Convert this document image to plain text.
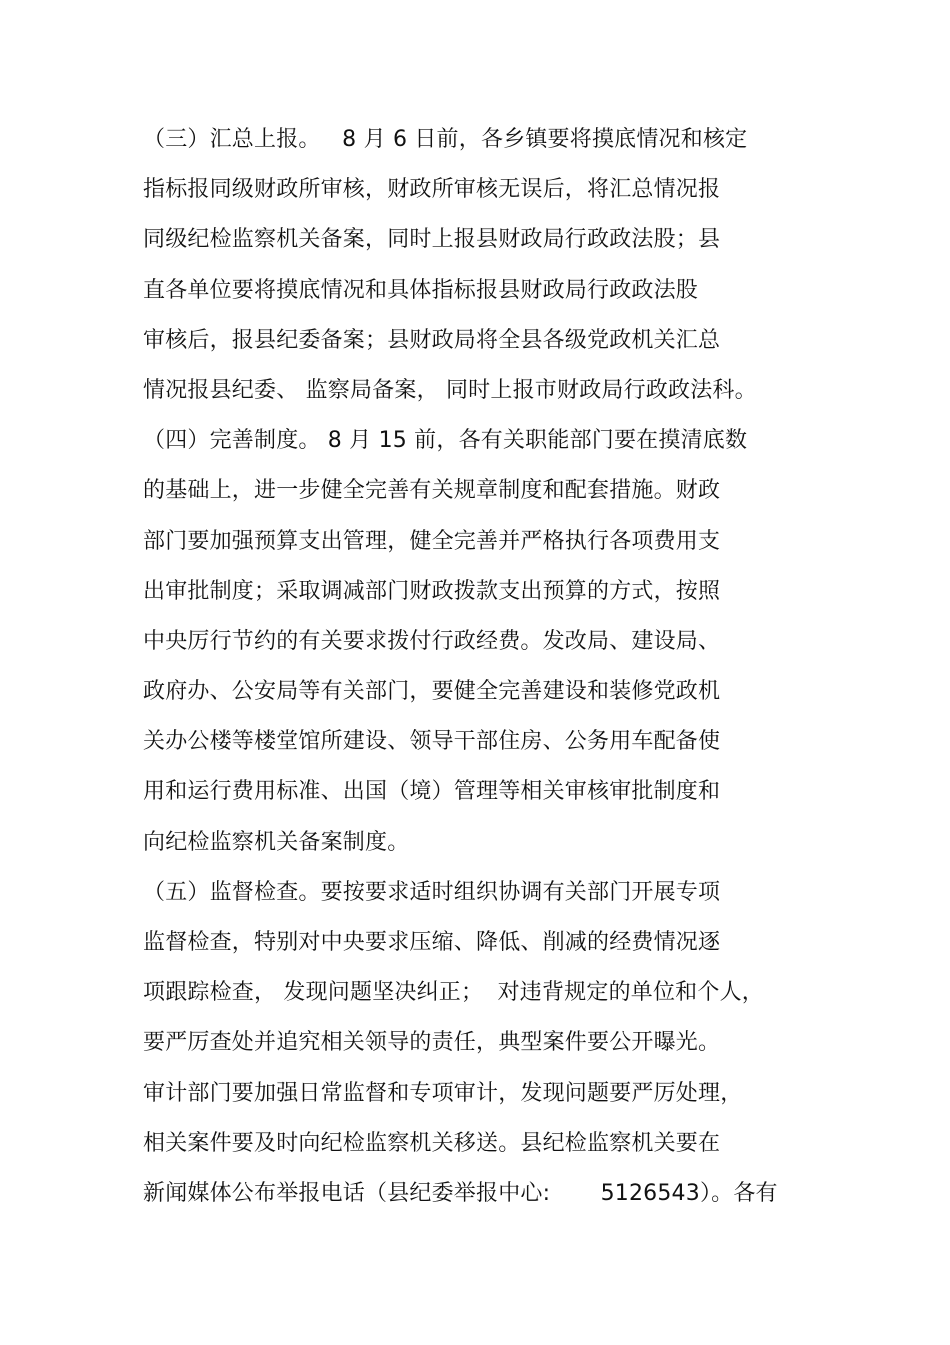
（三）汇总上报。   8 月 6 日前，各乡镇要将摸底情况和核定
指标报同级财政所审核，财政所审核无误后，将汇总情况报
同级纪检监察机关备案，同时上报县财政局行政政法股；县
直各单位要将摸底情况和具体指标报县财政局行政政法股
审核后，报县纪委备案；县财政局将全县各级党政机关汇总
情况报县纪委、 监察局备案， 同时上报市财政局行政政法科。
（四）完善制度。 8 月 15 前，各有关职能部门要在摸清底数
的基础上，进一步健全完善有关规章制度和配套措施。财政
部门要加强预算支出管理，健全完善并严格执行各项费用支
出审批制度；采取调减部门财政拨款支出预算的方式，按照
中央厉行节约的有关要求拨付行政经费。发改局、建设局、
政府办、公安局等有关部门，要健全完善建设和装修党政机
关办公楼等楼堂馆所建设、领导干部住房、公务用车配备使
用和运行费用标准、出国（境）管理等相关审核审批制度和
向纪检监察机关备案制度。
（五）监督检查。要按要求适时组织协调有关部门开展专项
监督检查，特别对中央要求压缩、降低、削减的经费情况逐
项跟踪检查， 发现问题坚决纠正；  对违背规定的单位和个人，
要严厉查处并追究相关领导的责任，典型案件要公开曝光。
审计部门要加强日常监督和专项审计，发现问题要严厉处理，
相关案件要及时向纪检监察机关移送。县纪检监察机关要在
新闻媒体公布举报电话（县纪委举报中心:       5126543）。各有
